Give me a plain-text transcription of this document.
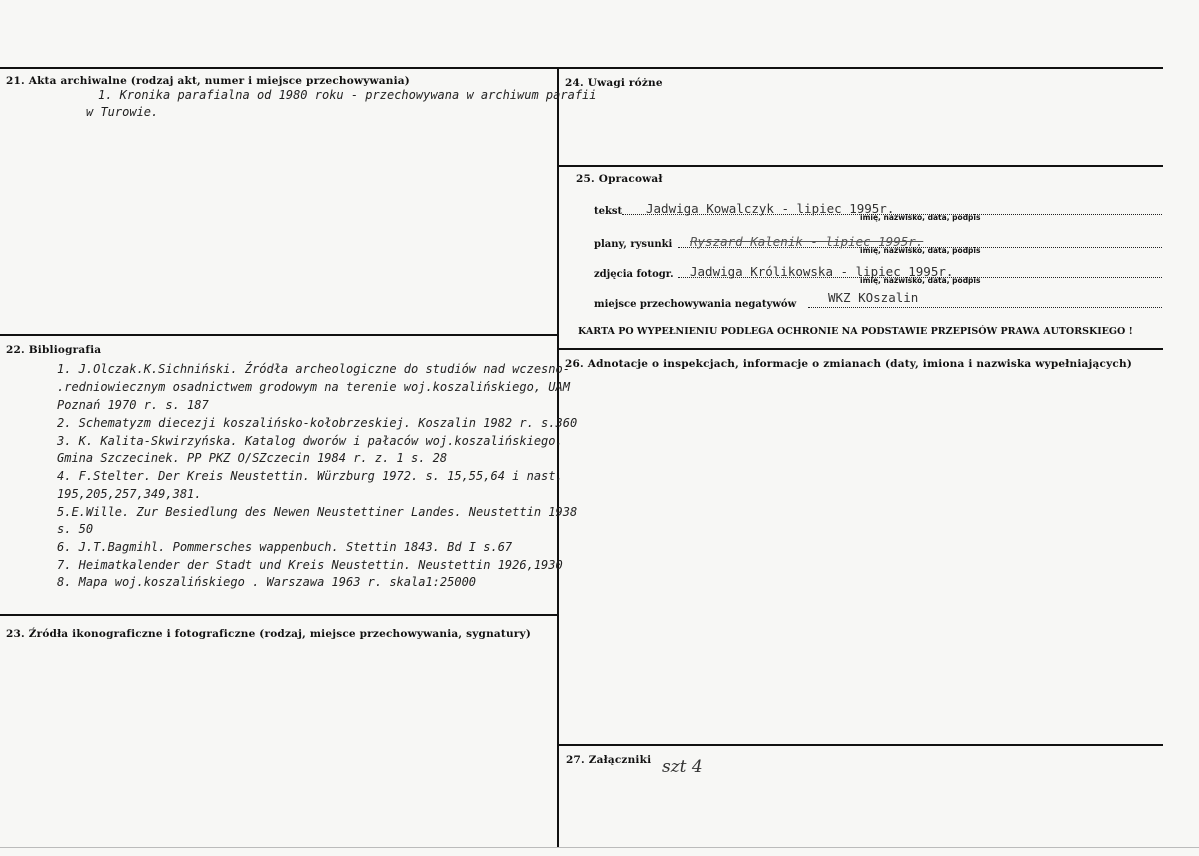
21. Akta archiwalne (rodzaj akt, numer i miejsce przechowywania)
1. Kronika parafialna od 1980 roku - przechowywana w archiwum parafii
w Turowie.
22. Bibliografia
1. J.Olczak.K.Sichniński. Źródła archeologiczne do studiów nad wczesno-
.redniowiecznym osadnictwem grodowym na terenie woj.koszalińskiego, UAM
Poznań 1970 r. s. 187
2. Schematyzm diecezji koszalińsko-kołobrzeskiej. Koszalin 1982 r. s.360
3. K. Kalita-Skwirzyńska. Katalog dworów i pałaców woj.koszalińskiego.
Gmina Szczecinek. PP PKZ O/SZczecin 1984 r. z. 1 s. 28
4. F.Stelter. Der Kreis Neustettin. Würzburg 1972. s. 15,55,64 i nast.
195,205,257,349,381.
5.E.Wille. Zur Besiedlung des Newen Neustettiner Landes. Neustettin 1938
s. 50
6. J.T.Bagmihl. Pommersches wappenbuch. Stettin 1843. Bd I s.67
7. Heimatkalender der Stadt und Kreis Neustettin. Neustettin 1926,1930
8. Mapa woj.koszalińskiego . Warszawa 1963 r. skala1:25000
23. Źródła ikonograficzne i fotograficzne (rodzaj, miejsce przechowywania, sygnatury)
24. Uwagi różne
25. Opracował
tekst Jadwiga Kowalczyk - lipiec 1995r.
imię, nazwisko, data, podpis
plany, rysunki Ryszard Kalenik - lipiec 1995r.
imię, nazwisko, data, podpis
zdjęcia fotogr. Jadwiga Królikowska - lipiec 1995r.
imię, nazwisko, data, podpis
miejsce przechowywania negatywów	WKZ KOszalin
KARTA PO WYPEŁNIENIU PODLEGA OCHRONIE NA PODSTAWIE PRZEPISÓW PRAWA AUTORSKIEGO !
26. Adnotacje o inspekcjach, informacje o zmianach (daty, imiona i nazwiska wypełniających)
27. Załączniki szt 4
